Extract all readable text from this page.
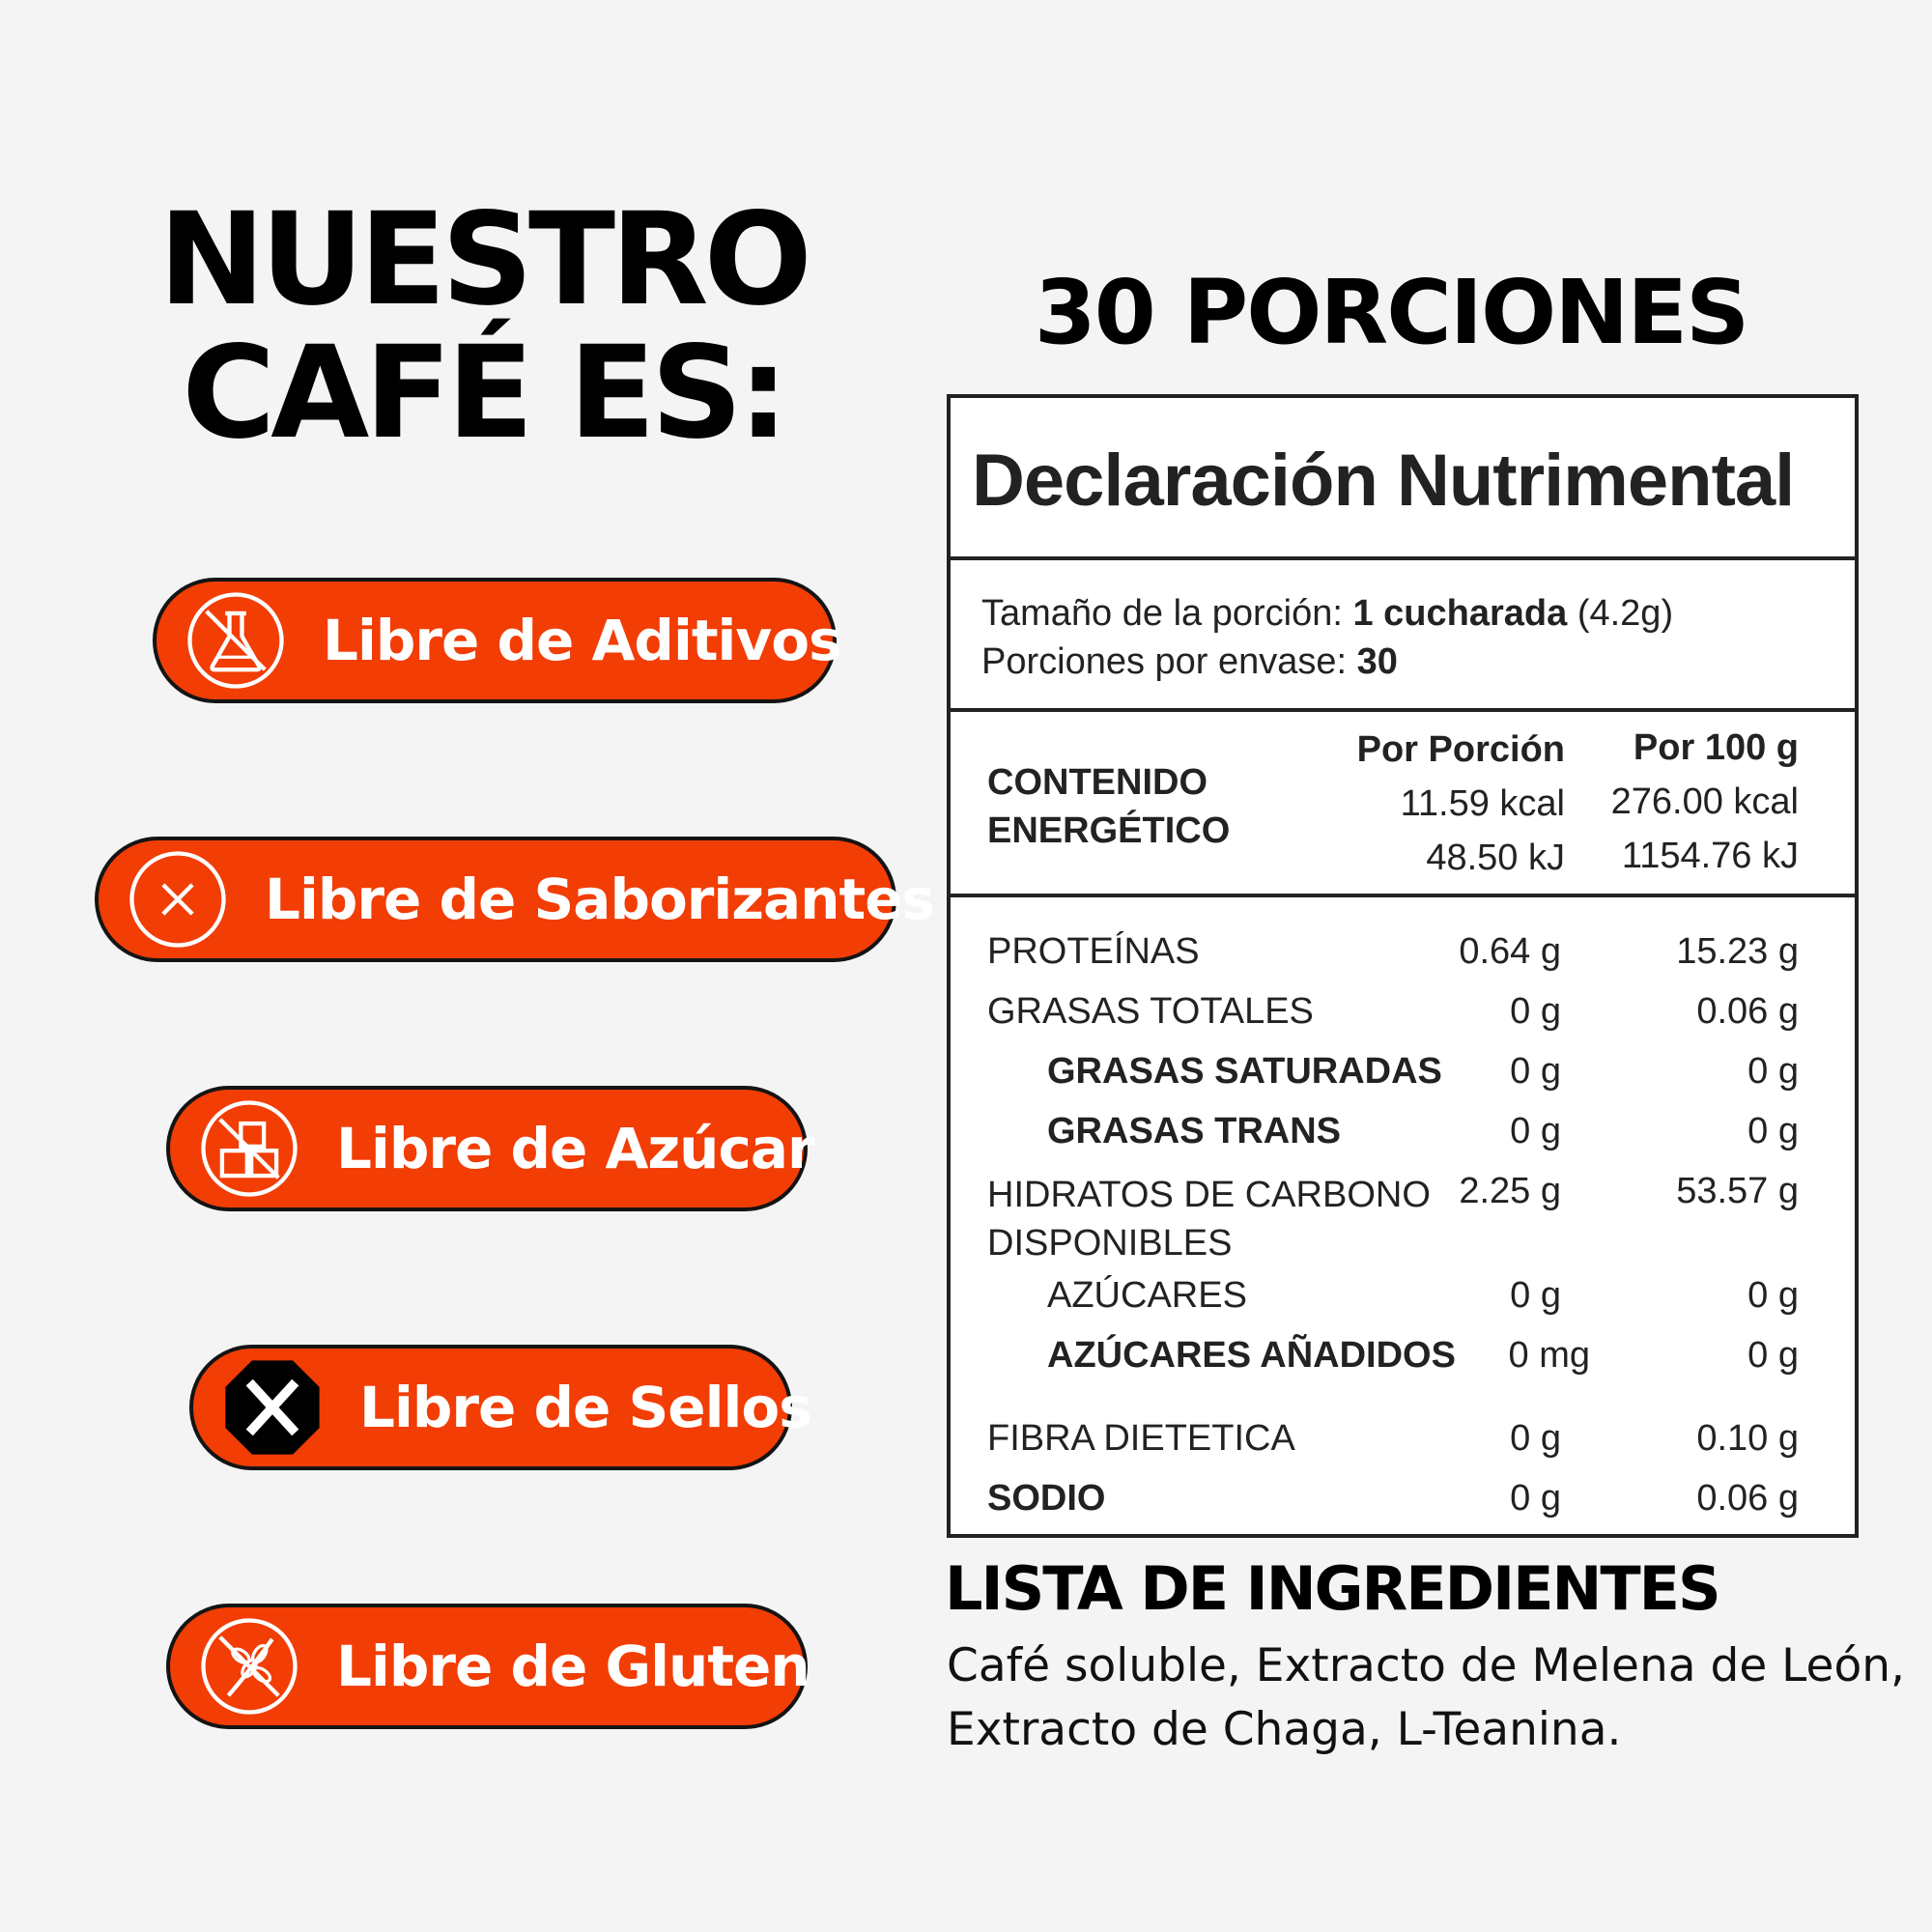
NUESTRO
CAFÉ ES:
Libre de Aditivos
Libre de Saborizantes
Libre de Azúcar
Libre de Sellos
Libre de Gluten
30 PORCIONES
Declaración Nutrimental
Tamaño de la porción: 1 cucharada (4.2g)
Porciones por envase: 30
CONTENIDO
ENERGÉTICO
Por Porción Por 100 g
11.59 kcal 276.00 kcal
48.50 kJ 1154.76 kJ
PROTEÍNAS	0.64 g	15.23 g
GRASAS TOTALES	0 g	0.06 g
GRASAS SATURADAS 0 g	0 g
GRASAS TRANS	0 g	0 g
HIDRATOS DE CARBONO
DISPONIBLES
2.25 g	53.57 g
AZÚCARES	0 g	0 g
AZÚCARES AÑADIDOS 0 mg	0 g
FIBRA DIETETICA	0 g	0.10 g
SODIO	0 g	0.06 g
LISTA DE INGREDIENTES
Café soluble, Extracto de Melena de León, Extracto de Chaga, L-Teanina.
